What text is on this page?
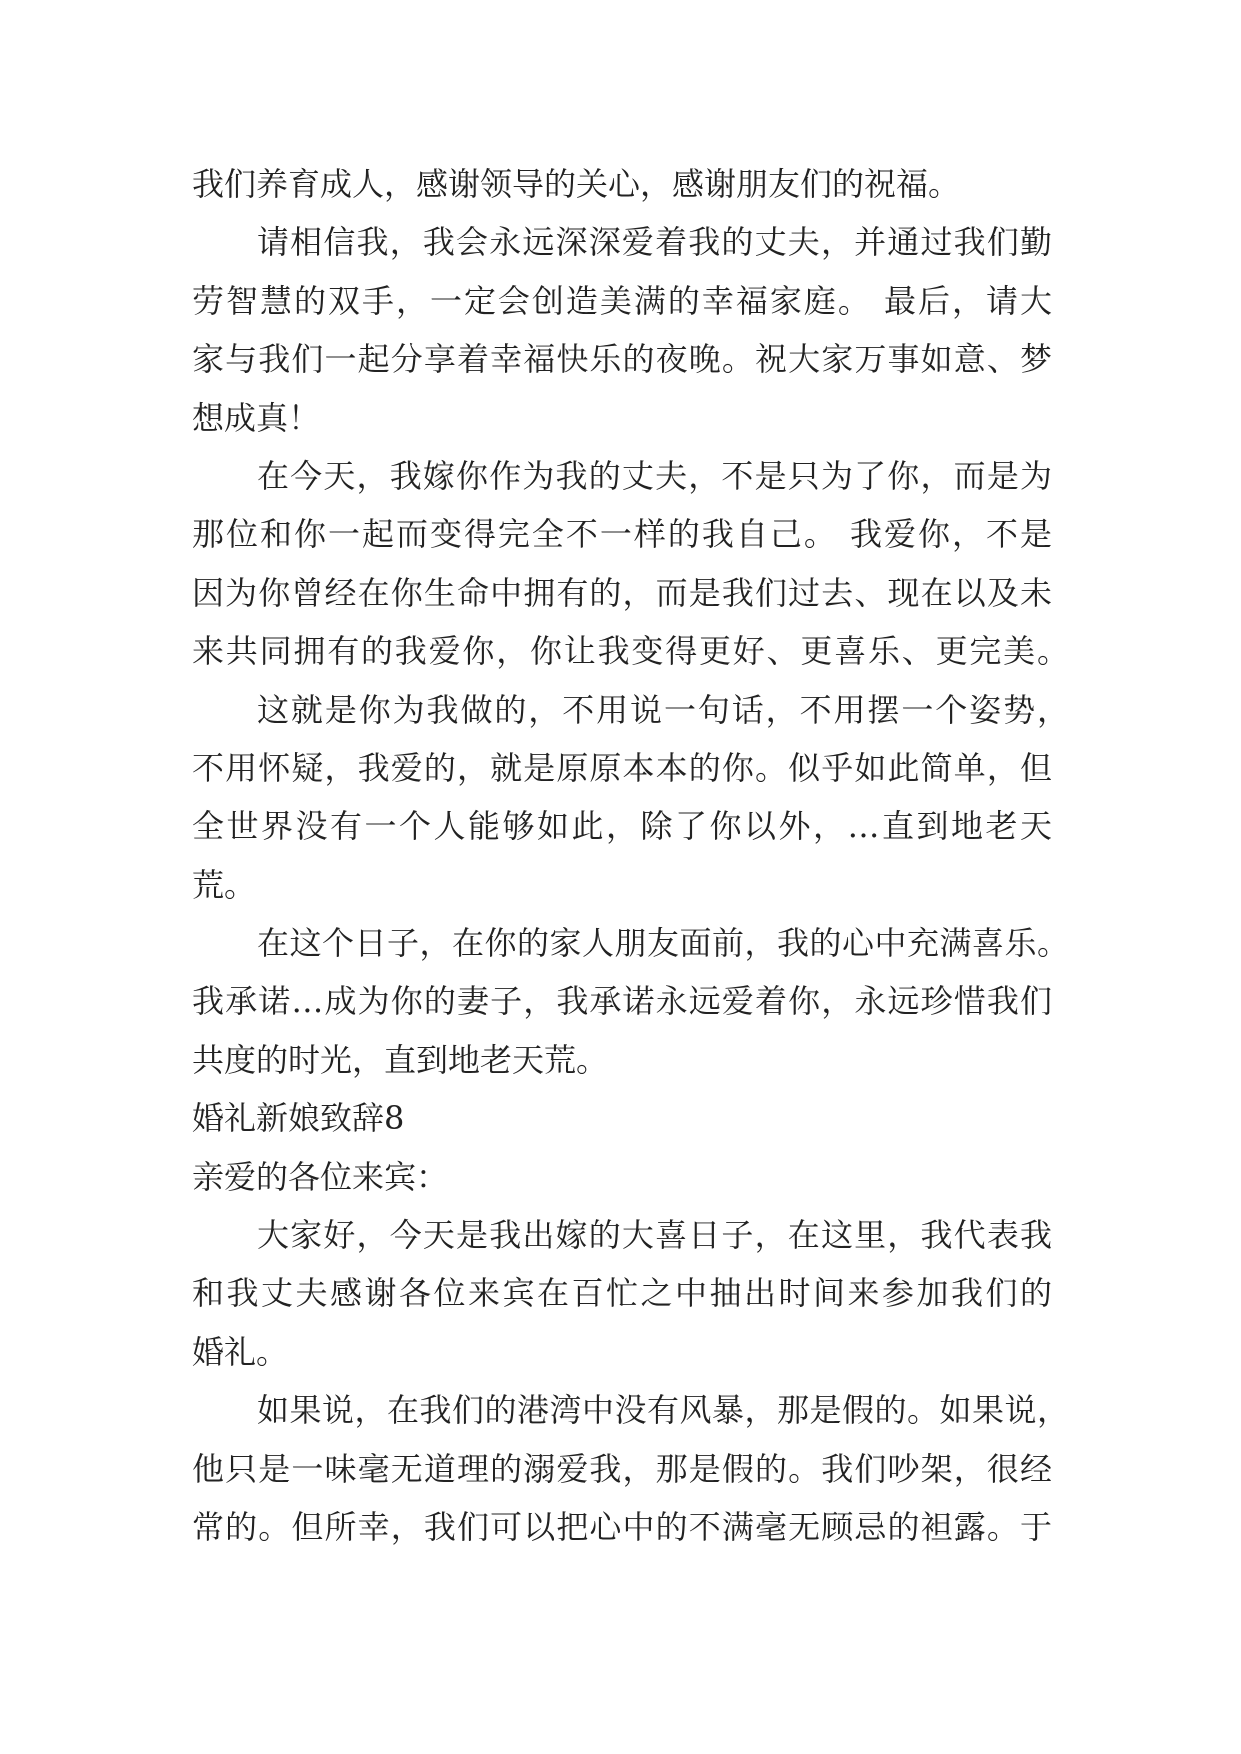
我们养育成人，感谢领导的关心，感谢朋友们的祝福。
请相信我，我会永远深深爱着我的丈夫，并通过我们勤
劳智慧的双手，一定会创造美满的幸福家庭。 最后，请大
家与我们一起分享着幸福快乐的夜晚。祝大家万事如意、梦
想成真！
在今天，我嫁你作为我的丈夫，不是只为了你，而是为
那位和你一起而变得完全不一样的我自己。 我爱你，不是
因为你曾经在你生命中拥有的，而是我们过去、现在以及未
来共同拥有的我爱你，你让我变得更好、更喜乐、更完美。
这就是你为我做的，不用说一句话，不用摆一个姿势，
不用怀疑，我爱的，就是原原本本的你。似乎如此简单，但
全世界没有一个人能够如此，除了你以外，…直到地老天
荒。
在这个日子，在你的家人朋友面前，我的心中充满喜乐。
我承诺…成为你的妻子，我承诺永远爱着你，永远珍惜我们
共度的时光，直到地老天荒。
婚礼新娘致辞8
亲爱的各位来宾：
大家好，今天是我出嫁的大喜日子，在这里，我代表我
和我丈夫感谢各位来宾在百忙之中抽出时间来参加我们的
婚礼。
如果说，在我们的港湾中没有风暴，那是假的。如果说，
他只是一味毫无道理的溺爱我，那是假的。我们吵架，很经
常的。但所幸，我们可以把心中的不满毫无顾忌的袒露。于
